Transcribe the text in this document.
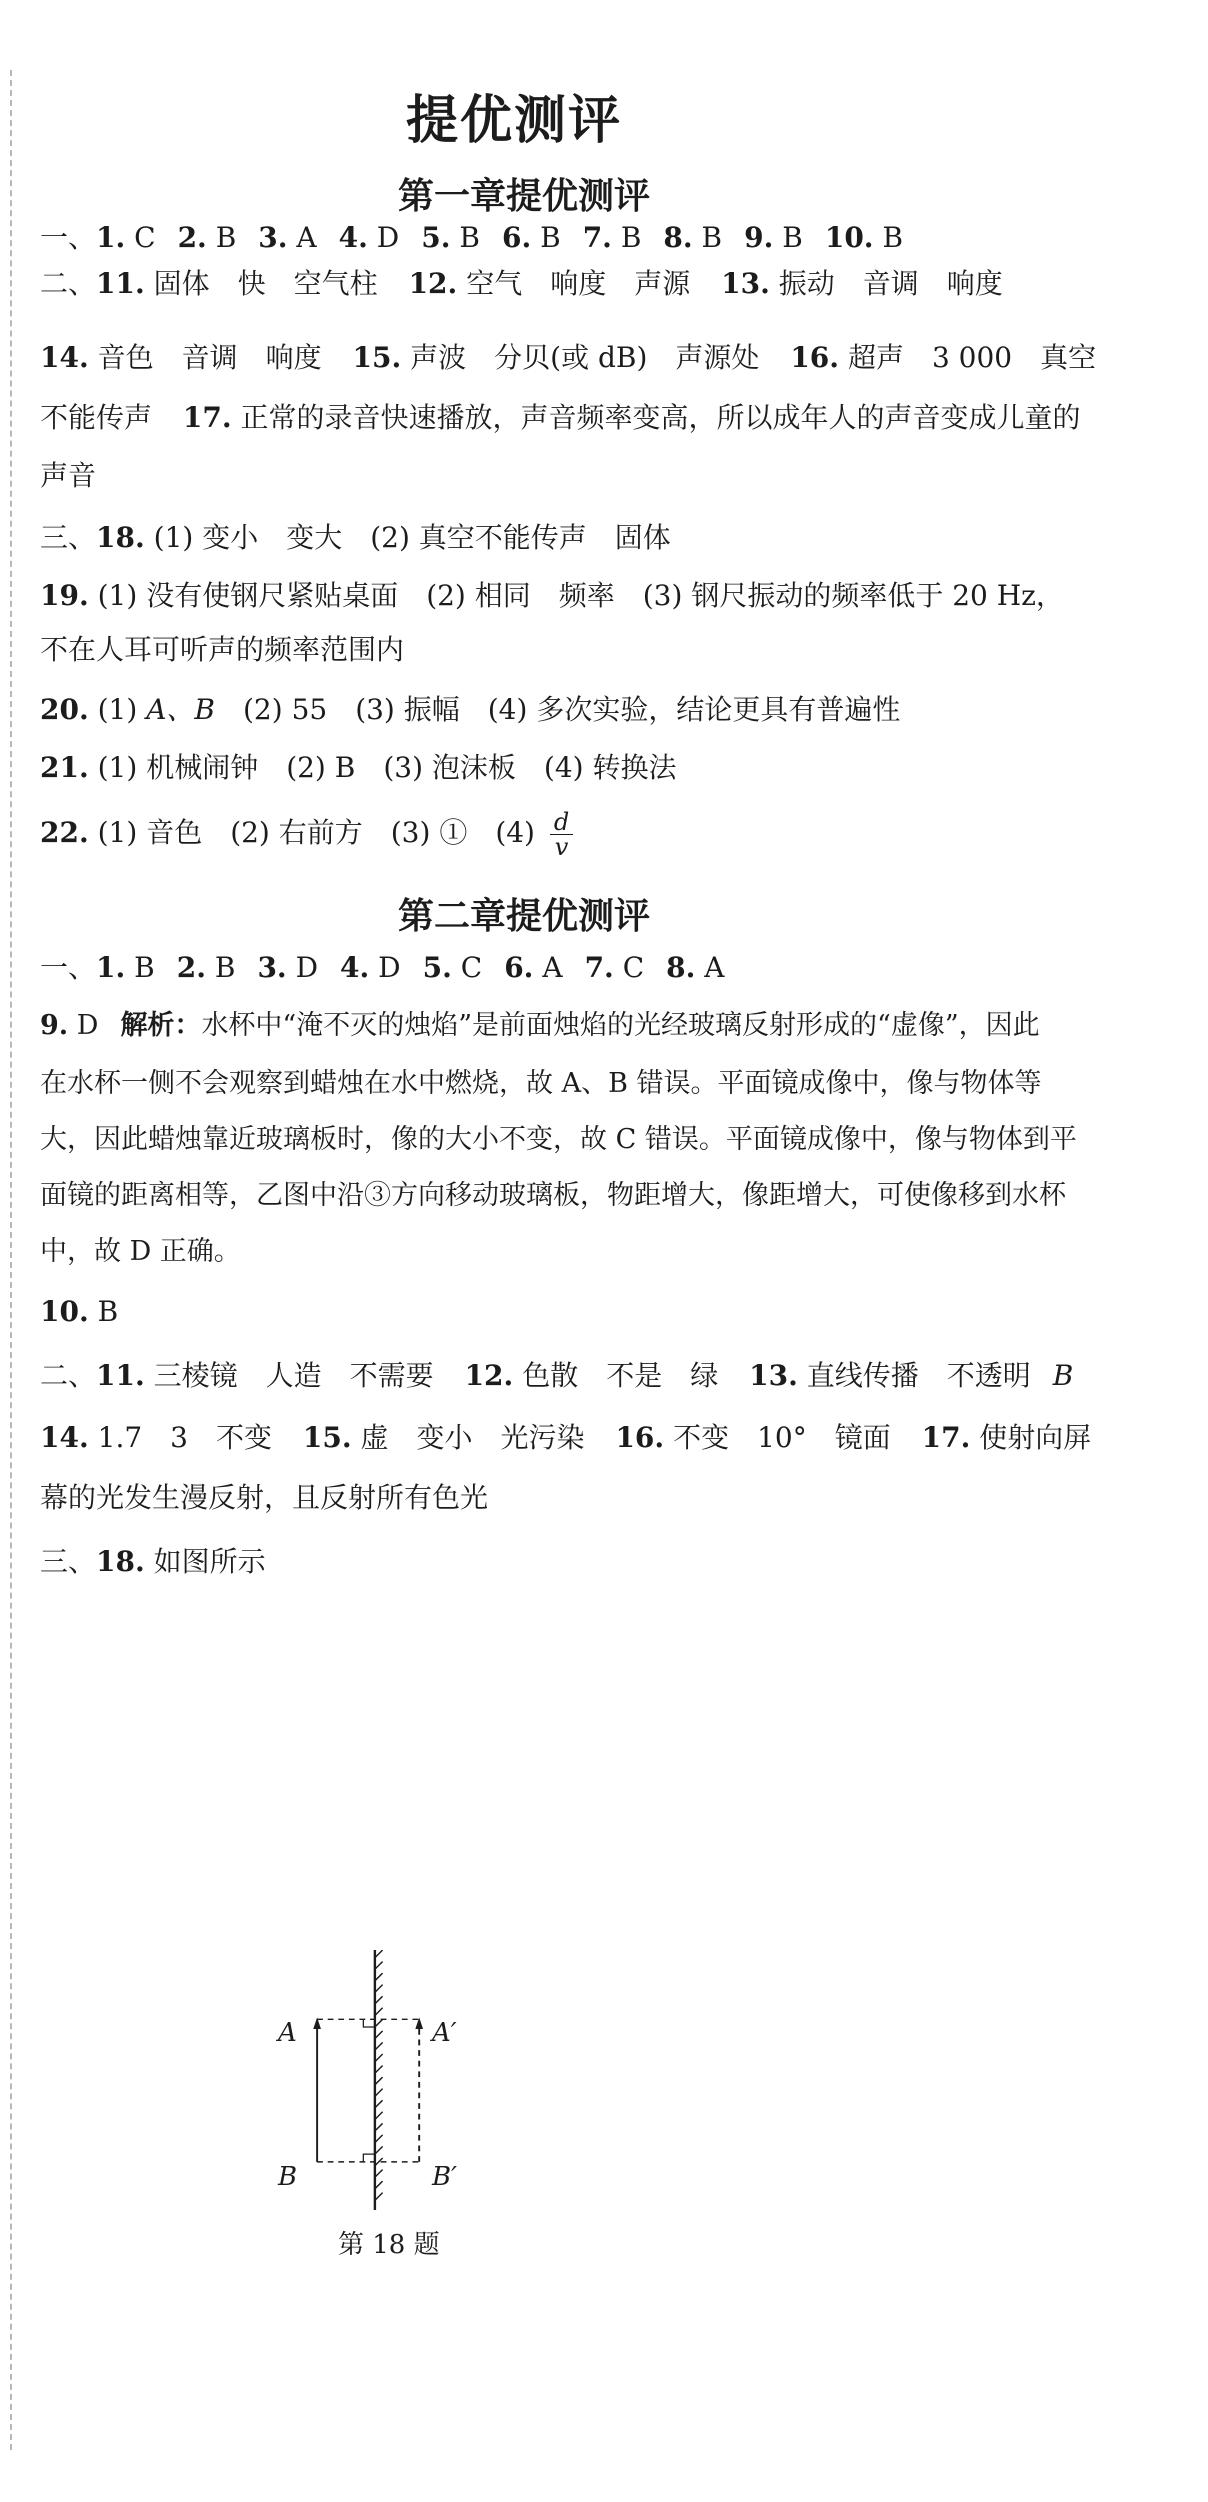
提优测评
第一章提优测评
一、1. C 2. B 3. A 4. D 5. B 6. B 7. B 8. B 9. B 10. B
二、11. 固体　快　空气柱 12. 空气　响度　声源 13. 振动　音调　响度
14. 音色　音调　响度 15. 声波　分贝(或 dB)　声源处 16. 超声　3 000　真空
不能传声 17. 正常的录音快速播放，声音频率变高，所以成年人的声音变成儿童的
声音
三、18. (1) 变小　变大　(2) 真空不能传声　固体
19. (1) 没有使钢尺紧贴桌面　(2) 相同　频率　(3) 钢尺振动的频率低于 20 Hz，
不在人耳可听声的频率范围内
20. (1) A、B　(2) 55　(3) 振幅　(4) 多次实验，结论更具有普遍性
21. (1) 机械闹钟　(2) B　(3) 泡沫板　(4) 转换法
22. (1) 音色　(2) 右前方　(3) ①　$(4) \frac{d}{v}$
第二章提优测评
一、1. B 2. B 3. D 4. D 5. C 6. A 7. C 8. A
9. D 解析：水杯中“淹不灭的烛焰”是前面烛焰的光经玻璃反射形成的“虚像”，因此
在水杯一侧不会观察到蜡烛在水中燃烧，故 A、B 错误。平面镜成像中，像与物体等
大，因此蜡烛靠近玻璃板时，像的大小不变，故 C 错误。平面镜成像中，像与物体到平
面镜的距离相等，乙图中沿③方向移动玻璃板，物距增大，像距增大，可使像移到水杯
中，故 D 正确。
10. B
二、11. 三棱镜　人造　不需要 12. 色散　不是　绿 13. 直线传播　不透明 B
14. 1.7　3　不变 15. 虚　变小　光污染 16. 不变　10°　镜面 17. 使射向屏
幕的光发生漫反射，且反射所有色光
三、18. 如图所示
A	A′
B	B′
第 18 题
